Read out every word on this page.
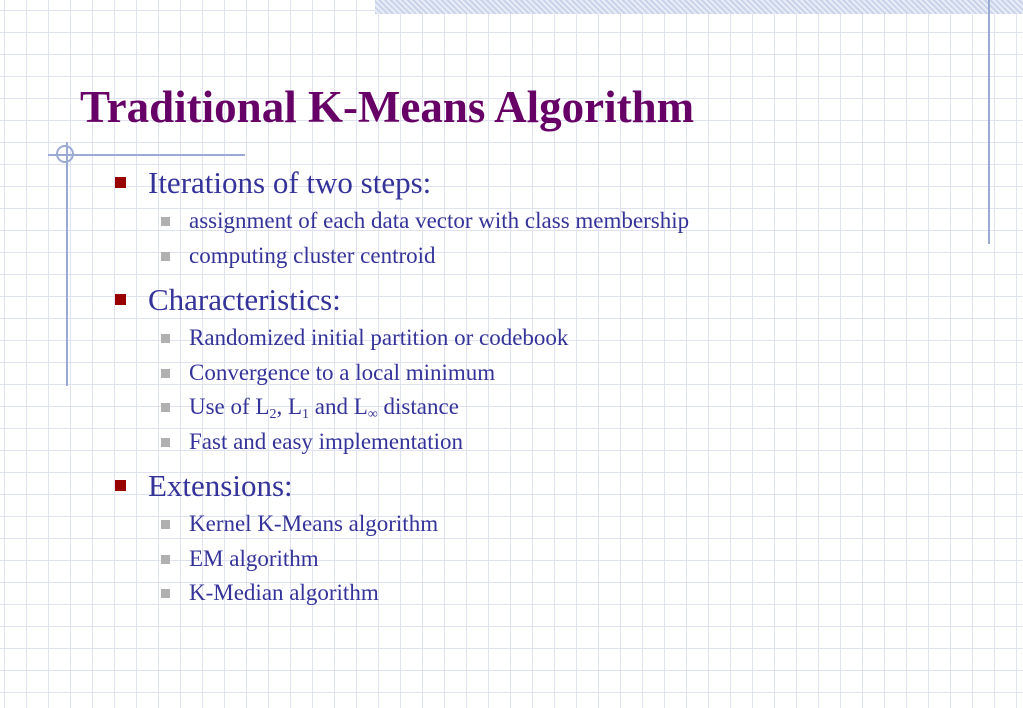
Traditional K-Means Algorithm
Iterations of two steps:
assignment of each data vector with class membership
computing cluster centroid
Characteristics:
Randomized initial partition or codebook
Convergence to a local minimum
Use of $L_2$, $L_1$ and $L_\infty$ distance
Fast and easy implementation
Extensions:
Kernel K-Means algorithm
EM algorithm
K-Median algorithm
